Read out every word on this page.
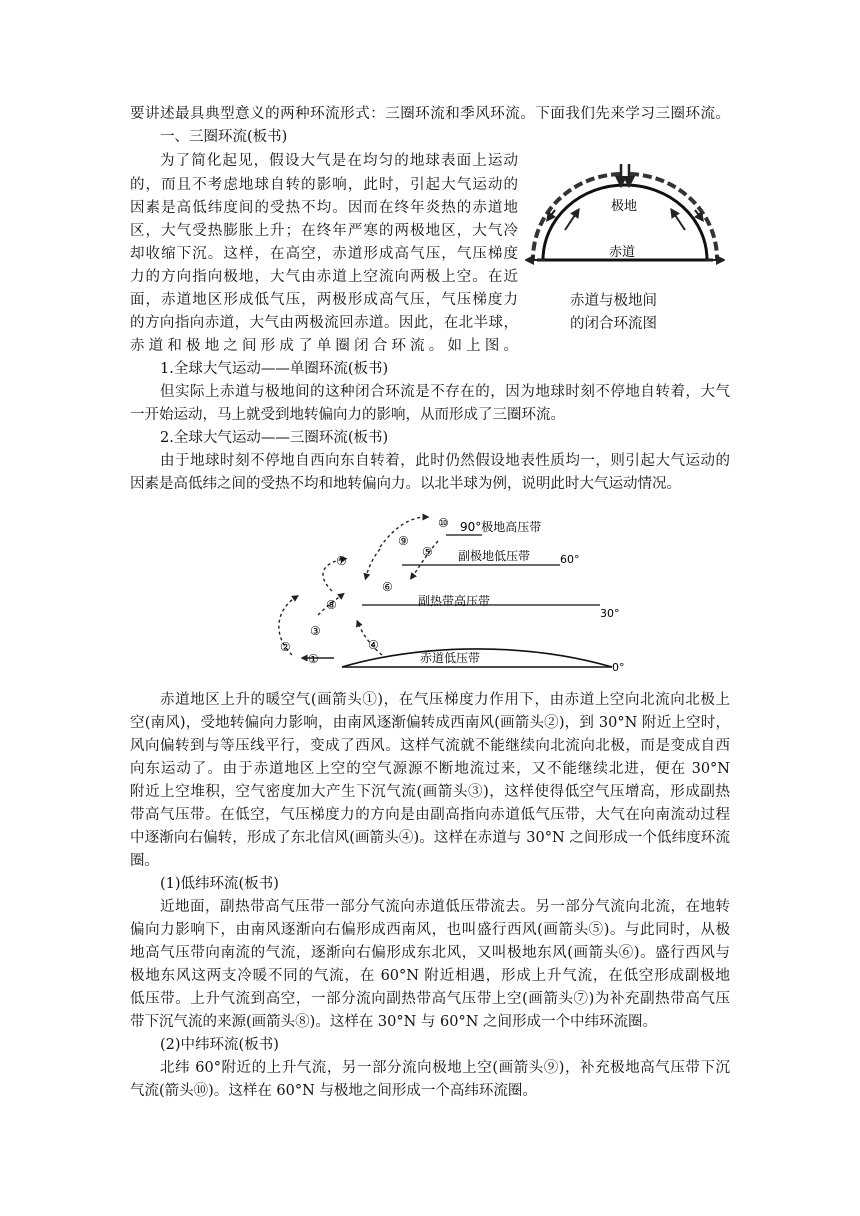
要讲述最具典型意义的两种环流形式：三圈环流和季风环流。下面我们先来学习三圈环流。
一、三圈环流(板书)
为了简化起见，假设大气是在均匀的地球表面上运动
的，而且不考虑地球自转的影响，此时，引起大气运动的
因素是高低纬度间的受热不均。因而在终年炎热的赤道地
区，大气受热膨胀上升；在终年严寒的两极地区，大气冷
却收缩下沉。这样，在高空，赤道形成高气压，气压梯度
力的方向指向极地，大气由赤道上空流向两极上空。在近
面，赤道地区形成低气压，两极形成高气压，气压梯度力
的方向指向赤道，大气由两极流回赤道。因此，在北半球，
赤道和极地之间形成了单圈闭合环流。如上图。
极地
赤道
赤道与极地间
的闭合环流图
1.全球大气运动——单圈环流(板书)
但实际上赤道与极地间的这种闭合环流是不存在的，因为地球时刻不停地自转着，大气
一开始运动，马上就受到地转偏向力的影响，从而形成了三圈环流。
2.全球大气运动——三圈环流(板书)
由于地球时刻不停地自西向东自转着，此时仍然假设地表性质均一，则引起大气运动的
因素是高低纬之间的受热不均和地转偏向力。以北半球为例，说明此时大气运动情况。
90°极地高压带
副极地低压带
副热带高压带
赤道低压带
60°
30°
0°
①
②
③
④
⑤
⑥
⑦
⑧
⑨
⑩
赤道地区上升的暖空气(画箭头①)，在气压梯度力作用下，由赤道上空向北流向北极上
空(南风)，受地转偏向力影响，由南风逐渐偏转成西南风(画箭头②)，到 30°N 附近上空时，
风向偏转到与等压线平行，变成了西风。这样气流就不能继续向北流向北极，而是变成自西
向东运动了。由于赤道地区上空的空气源源不断地流过来，又不能继续北进，便在 30°N
附近上空堆积，空气密度加大产生下沉气流(画箭头③)，这样使得低空气压增高，形成副热
带高气压带。在低空，气压梯度力的方向是由副高指向赤道低气压带，大气在向南流动过程
中逐渐向右偏转，形成了东北信风(画箭头④)。这样在赤道与 30°N 之间形成一个低纬度环流
圈。
(1)低纬环流(板书)
近地面，副热带高气压带一部分气流向赤道低压带流去。另一部分气流向北流，在地转
偏向力影响下，由南风逐渐向右偏形成西南风，也叫盛行西风(画箭头⑤)。与此同时，从极
地高气压带向南流的气流，逐渐向右偏形成东北风，又叫极地东风(画箭头⑥)。盛行西风与
极地东风这两支冷暖不同的气流，在 60°N 附近相遇，形成上升气流，在低空形成副极地
低压带。上升气流到高空，一部分流向副热带高气压带上空(画箭头⑦)为补充副热带高气压
带下沉气流的来源(画箭头⑧)。这样在 30°N 与 60°N 之间形成一个中纬环流圈。
(2)中纬环流(板书)
北纬 60°附近的上升气流，另一部分流向极地上空(画箭头⑨)，补充极地高气压带下沉
气流(箭头⑩)。这样在 60°N 与极地之间形成一个高纬环流圈。
